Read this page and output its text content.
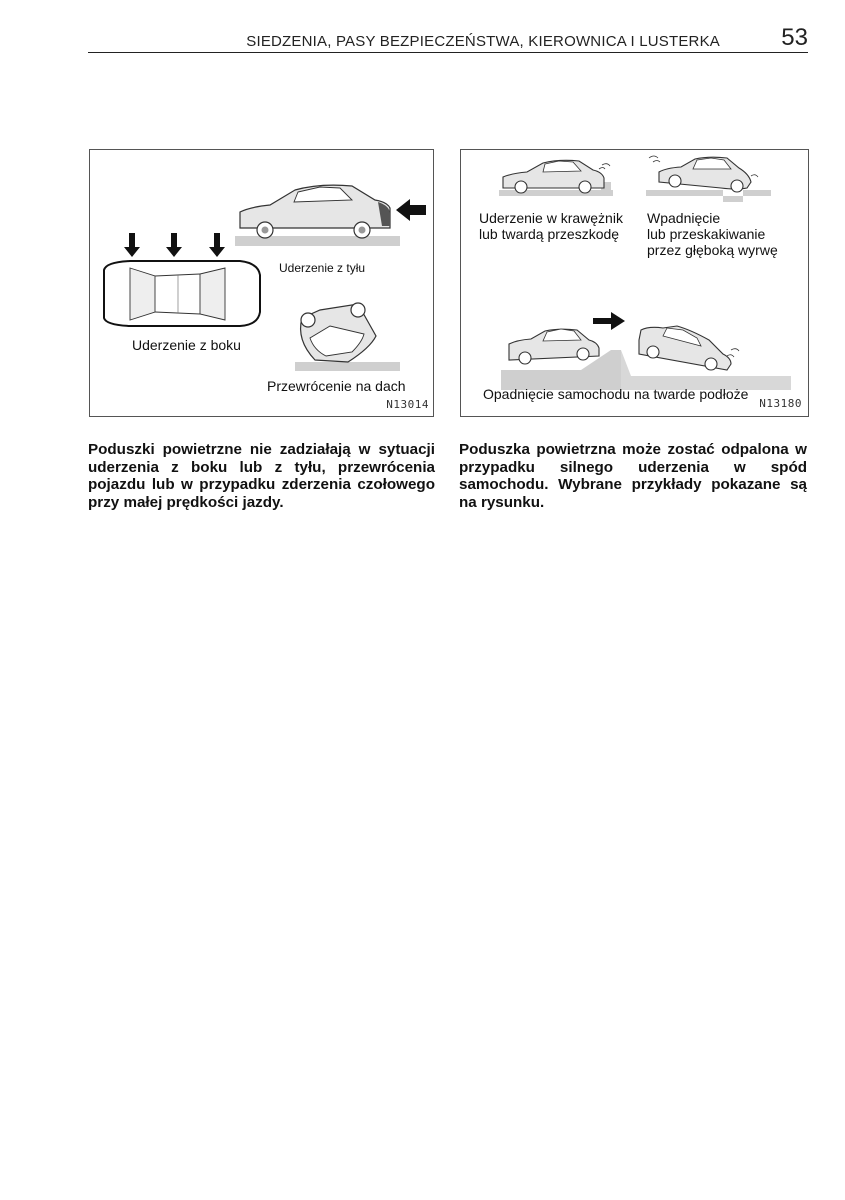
SIEDZENIA, PASY BEZPIECZEŃSTWA, KIEROWNICA I LUSTERKA	53
Uderzenie z tyłu
Uderzenie z boku
Przewrócenie na dach
N13014
Uderzenie w krawężnik
lub twardą przeszkodę
Wpadnięcie
lub przeskakiwanie
przez głęboką wyrwę
Opadnięcie samochodu na twarde podłoże
N13180
Poduszki powietrzne nie zadziałają w sytuacji uderzenia z boku lub z tyłu, przewrócenia pojazdu lub w przypadku zderzenia czołowego przy małej prędkości jazdy.
Poduszka powietrzna może zostać odpalona w przypadku silnego uderzenia w spód samochodu. Wybrane przykłady pokazane są na rysunku.
